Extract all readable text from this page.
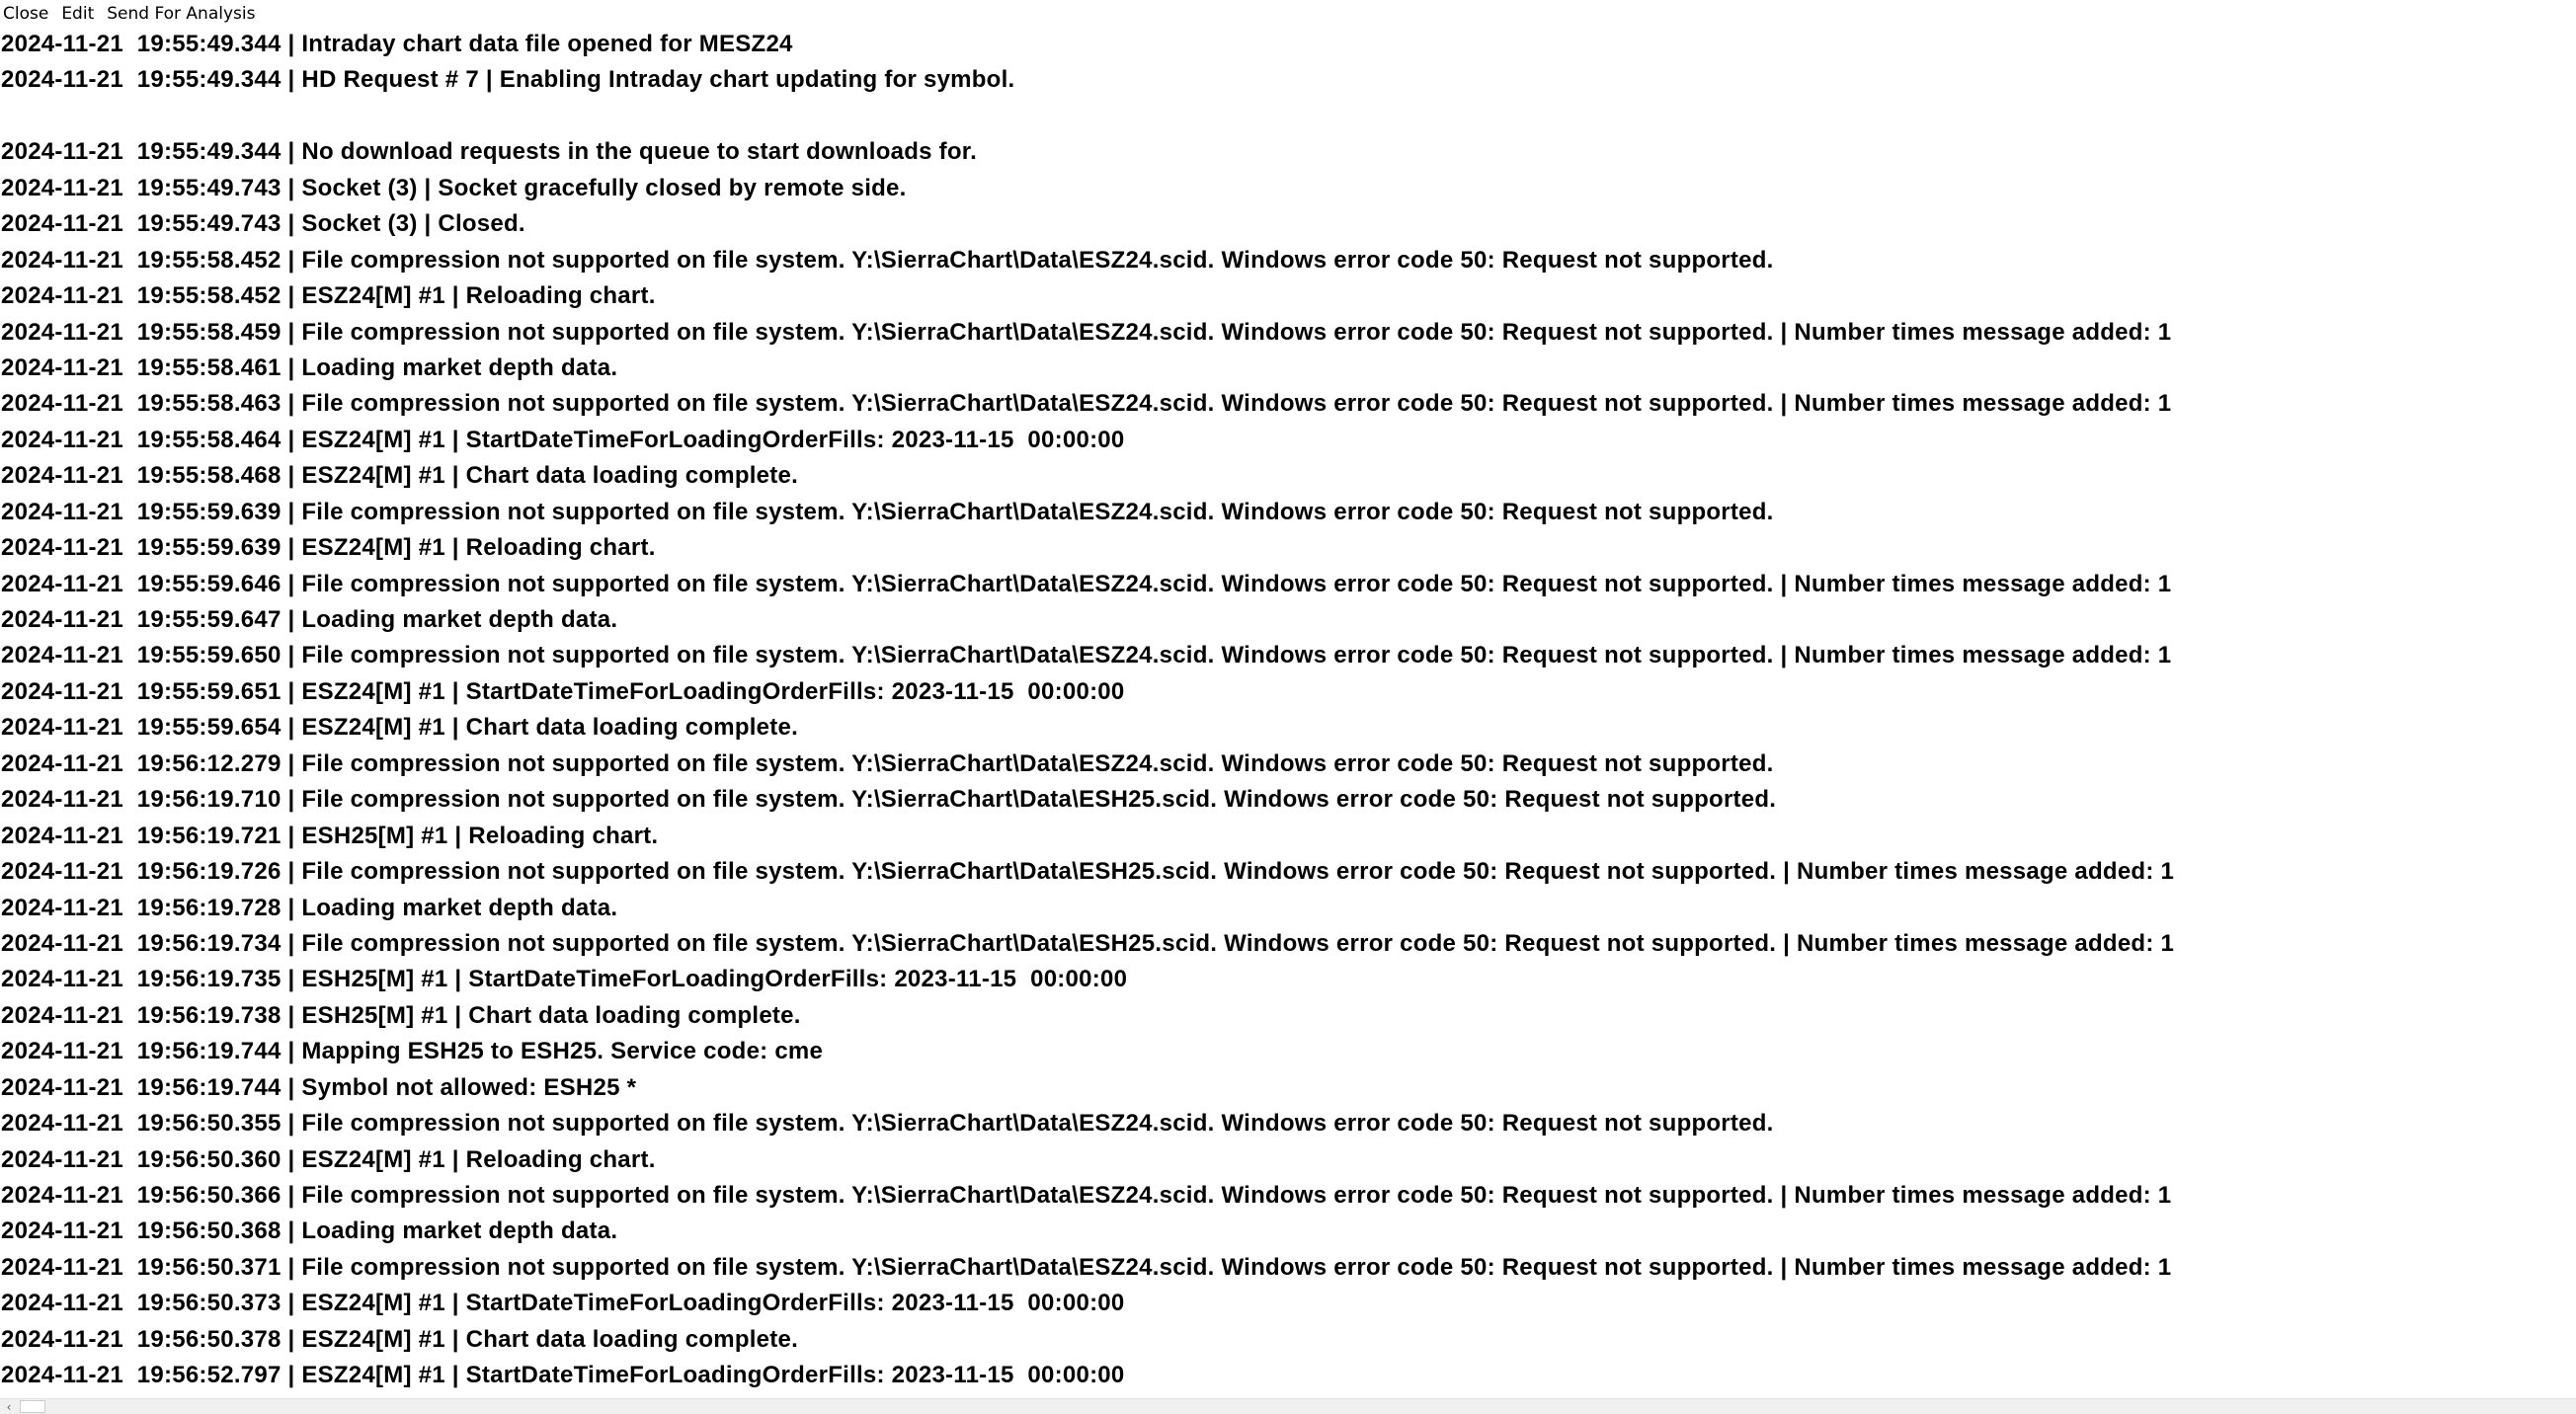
Close Edit Send For Analysis
2024-11-21  19:55:49.344 | Intraday chart data file opened for MESZ24
2024-11-21  19:55:49.344 | HD Request # 7 | Enabling Intraday chart updating for symbol.
2024-11-21  19:55:49.344 | No download requests in the queue to start downloads for.
2024-11-21  19:55:49.743 | Socket (3) | Socket gracefully closed by remote side.
2024-11-21  19:55:49.743 | Socket (3) | Closed.
2024-11-21  19:55:58.452 | File compression not supported on file system. Y:\SierraChart\Data\ESZ24.scid. Windows error code 50: Request not supported.
2024-11-21  19:55:58.452 | ESZ24[M] #1 | Reloading chart.
2024-11-21  19:55:58.459 | File compression not supported on file system. Y:\SierraChart\Data\ESZ24.scid. Windows error code 50: Request not supported. | Number times message added: 1
2024-11-21  19:55:58.461 | Loading market depth data.
2024-11-21  19:55:58.463 | File compression not supported on file system. Y:\SierraChart\Data\ESZ24.scid. Windows error code 50: Request not supported. | Number times message added: 1
2024-11-21  19:55:58.464 | ESZ24[M] #1 | StartDateTimeForLoadingOrderFills: 2023-11-15  00:00:00
2024-11-21  19:55:58.468 | ESZ24[M] #1 | Chart data loading complete.
2024-11-21  19:55:59.639 | File compression not supported on file system. Y:\SierraChart\Data\ESZ24.scid. Windows error code 50: Request not supported.
2024-11-21  19:55:59.639 | ESZ24[M] #1 | Reloading chart.
2024-11-21  19:55:59.646 | File compression not supported on file system. Y:\SierraChart\Data\ESZ24.scid. Windows error code 50: Request not supported. | Number times message added: 1
2024-11-21  19:55:59.647 | Loading market depth data.
2024-11-21  19:55:59.650 | File compression not supported on file system. Y:\SierraChart\Data\ESZ24.scid. Windows error code 50: Request not supported. | Number times message added: 1
2024-11-21  19:55:59.651 | ESZ24[M] #1 | StartDateTimeForLoadingOrderFills: 2023-11-15  00:00:00
2024-11-21  19:55:59.654 | ESZ24[M] #1 | Chart data loading complete.
2024-11-21  19:56:12.279 | File compression not supported on file system. Y:\SierraChart\Data\ESZ24.scid. Windows error code 50: Request not supported.
2024-11-21  19:56:19.710 | File compression not supported on file system. Y:\SierraChart\Data\ESH25.scid. Windows error code 50: Request not supported.
2024-11-21  19:56:19.721 | ESH25[M] #1 | Reloading chart.
2024-11-21  19:56:19.726 | File compression not supported on file system. Y:\SierraChart\Data\ESH25.scid. Windows error code 50: Request not supported. | Number times message added: 1
2024-11-21  19:56:19.728 | Loading market depth data.
2024-11-21  19:56:19.734 | File compression not supported on file system. Y:\SierraChart\Data\ESH25.scid. Windows error code 50: Request not supported. | Number times message added: 1
2024-11-21  19:56:19.735 | ESH25[M] #1 | StartDateTimeForLoadingOrderFills: 2023-11-15  00:00:00
2024-11-21  19:56:19.738 | ESH25[M] #1 | Chart data loading complete.
2024-11-21  19:56:19.744 | Mapping ESH25 to ESH25. Service code: cme
2024-11-21  19:56:19.744 | Symbol not allowed: ESH25 *
2024-11-21  19:56:50.355 | File compression not supported on file system. Y:\SierraChart\Data\ESZ24.scid. Windows error code 50: Request not supported.
2024-11-21  19:56:50.360 | ESZ24[M] #1 | Reloading chart.
2024-11-21  19:56:50.366 | File compression not supported on file system. Y:\SierraChart\Data\ESZ24.scid. Windows error code 50: Request not supported. | Number times message added: 1
2024-11-21  19:56:50.368 | Loading market depth data.
2024-11-21  19:56:50.371 | File compression not supported on file system. Y:\SierraChart\Data\ESZ24.scid. Windows error code 50: Request not supported. | Number times message added: 1
2024-11-21  19:56:50.373 | ESZ24[M] #1 | StartDateTimeForLoadingOrderFills: 2023-11-15  00:00:00
2024-11-21  19:56:50.378 | ESZ24[M] #1 | Chart data loading complete.
2024-11-21  19:56:52.797 | ESZ24[M] #1 | StartDateTimeForLoadingOrderFills: 2023-11-15  00:00:00
‹
